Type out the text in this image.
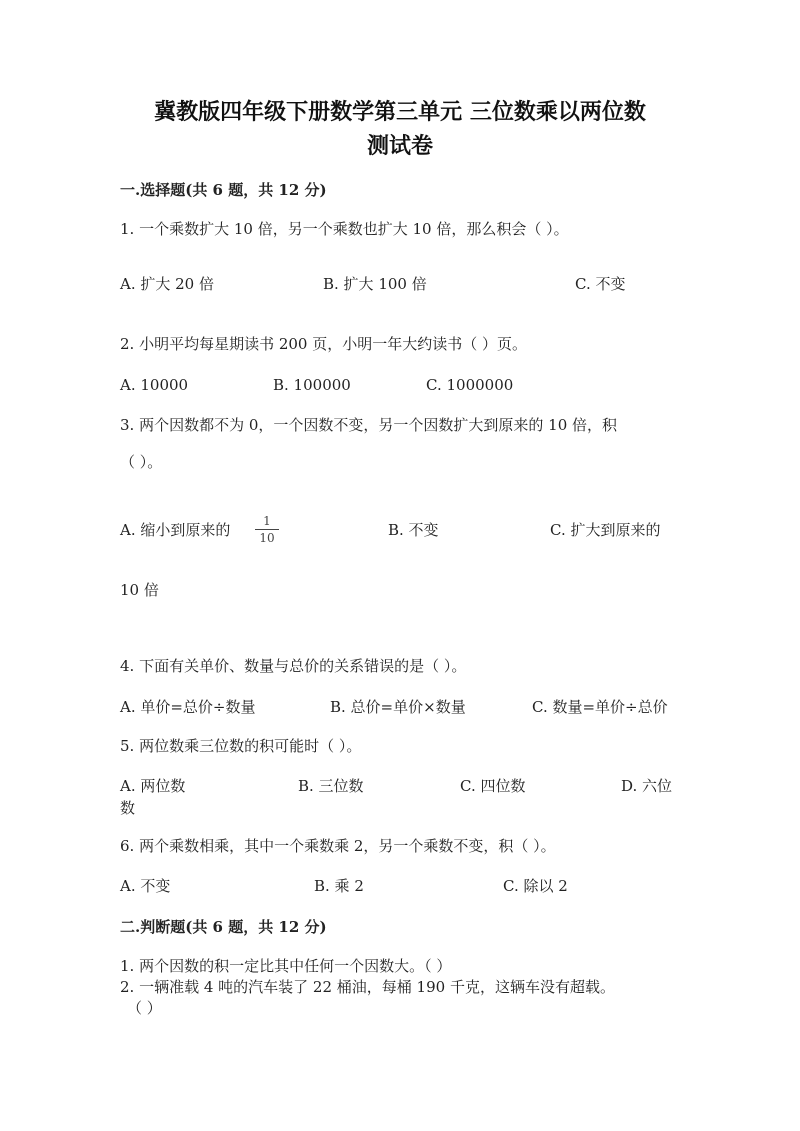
冀教版四年级下册数学第三单元 三位数乘以两位数
测试卷
一.选择题(共 6 题，共 12 分)
1. 一个乘数扩大 10 倍，另一个乘数也扩大 10 倍，那么积会（ ）。
A. 扩大 20 倍	B. 扩大 100 倍	C. 不变
2. 小明平均每星期读书 200 页，小明一年大约读书（ ）页。
A. 10000	B. 100000	C. 1000000
3. 两个因数都不为 0，一个因数不变，另一个因数扩大到原来的 10 倍，积
（ ）。
A. 缩小到原来的 $\frac{1}{10}$	B. 不变	C. 扩大到原来的
10 倍
4. 下面有关单价、数量与总价的关系错误的是（ ）。
A. 单价=总价÷数量	B. 总价=单价×数量	C. 数量=单价÷总价
5. 两位数乘三位数的积可能时（ ）。
A. 两位数	B. 三位数	C. 四位数	D. 六位
数
6. 两个乘数相乘，其中一个乘数乘 2，另一个乘数不变，积（ ）。
A. 不变	B. 乘 2	C. 除以 2
二.判断题(共 6 题，共 12 分)
1. 两个因数的积一定比其中任何一个因数大。（ ）
2. 一辆准载 4 吨的汽车装了 22 桶油，每桶 190 千克，这辆车没有超载。
（ ）
